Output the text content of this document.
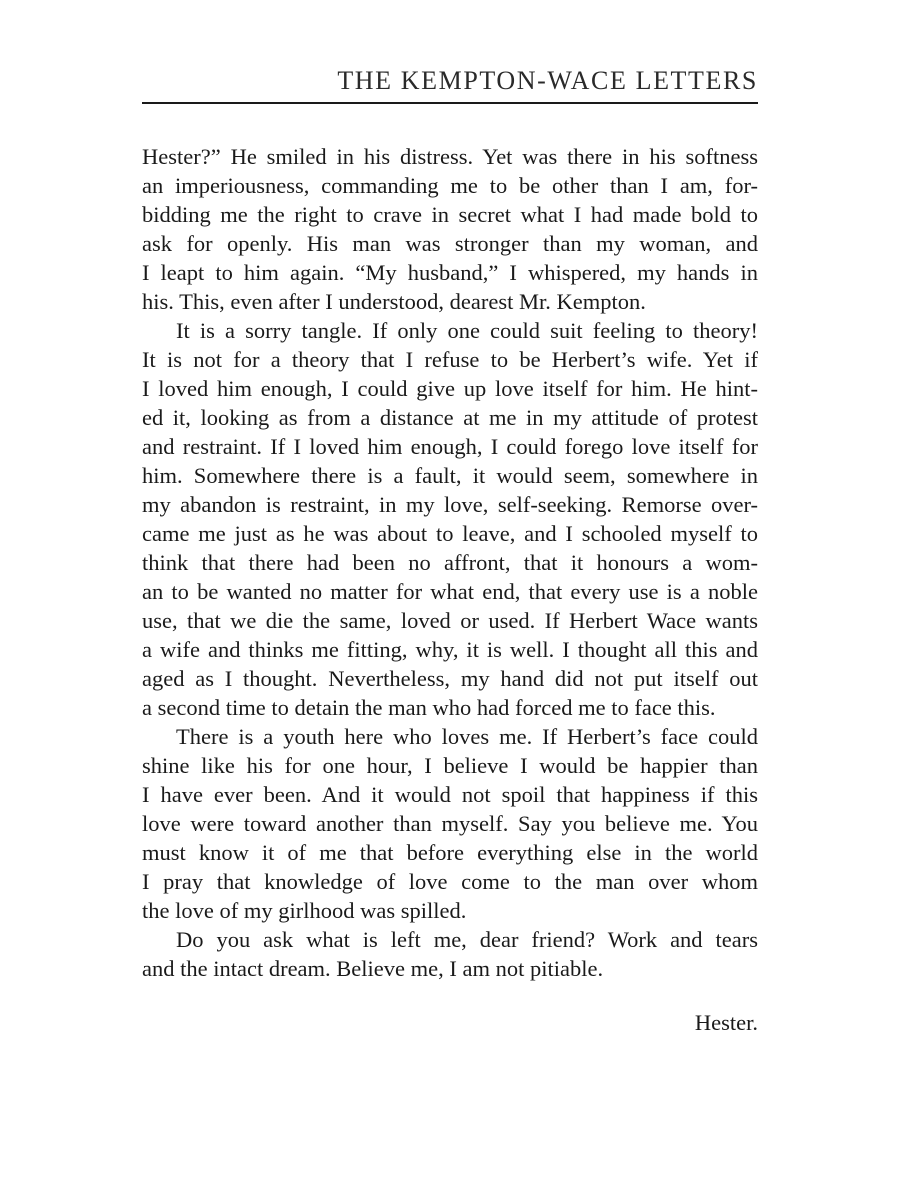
THE KEMPTON-WACE LETTERS
Hester?” He smiled in his distress. Yet was there in his softness
an imperiousness, commanding me to be other than I am, for-
bidding me the right to crave in secret what I had made bold to
ask for openly. His man was stronger than my woman, and
I leapt to him again. “My husband,” I whispered, my hands in
his. This, even after I understood, dearest Mr. Kempton.
It is a sorry tangle. If only one could suit feeling to theory!
It is not for a theory that I refuse to be Herbert’s wife. Yet if
I loved him enough, I could give up love itself for him. He hint-
ed it, looking as from a distance at me in my attitude of protest
and restraint. If I loved him enough, I could forego love itself for
him. Somewhere there is a fault, it would seem, somewhere in
my abandon is restraint, in my love, self-seeking. Remorse over-
came me just as he was about to leave, and I schooled myself to
think that there had been no affront, that it honours a wom-
an to be wanted no matter for what end, that every use is a noble
use, that we die the same, loved or used. If Herbert Wace wants
a wife and thinks me fitting, why, it is well. I thought all this and
aged as I thought. Nevertheless, my hand did not put itself out
a second time to detain the man who had forced me to face this.
There is a youth here who loves me. If Herbert’s face could
shine like his for one hour, I believe I would be happier than
I have ever been. And it would not spoil that happiness if this
love were toward another than myself. Say you believe me. You
must know it of me that before everything else in the world
I pray that knowledge of love come to the man over whom
the love of my girlhood was spilled.
Do you ask what is left me, dear friend? Work and tears
and the intact dream. Believe me, I am not pitiable.
Hester.
